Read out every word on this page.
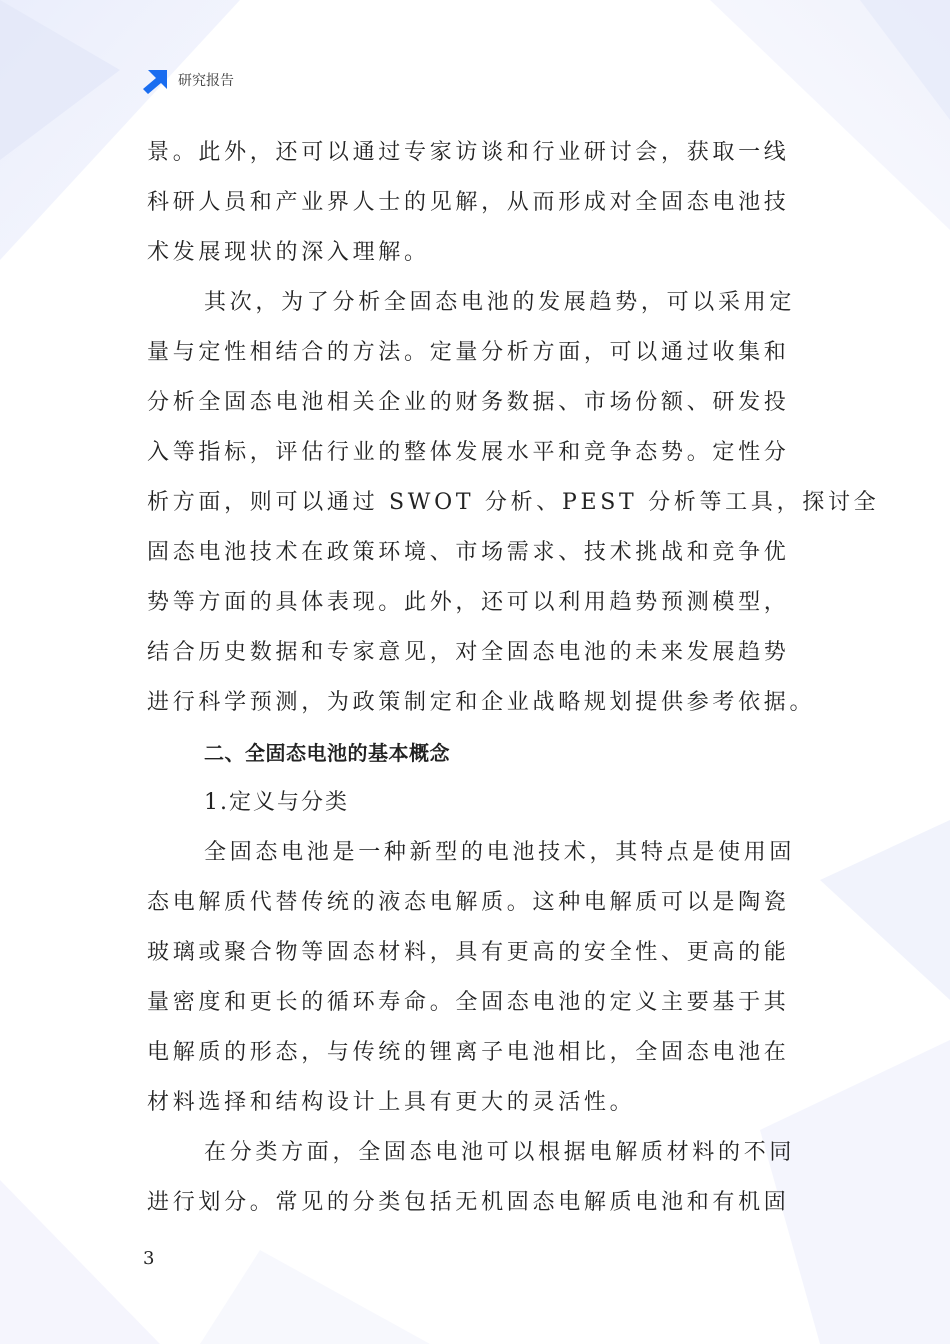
研究报告
景。此外，还可以通过专家访谈和行业研讨会，获取一线
科研人员和产业界人士的见解，从而形成对全固态电池技
术发展现状的深入理解。
其次，为了分析全固态电池的发展趋势，可以采用定
量与定性相结合的方法。定量分析方面，可以通过收集和
分析全固态电池相关企业的财务数据、市场份额、研发投
入等指标，评估行业的整体发展水平和竞争态势。定性分
析方面，则可以通过 SWOT 分析、PEST 分析等工具，探讨全
固态电池技术在政策环境、市场需求、技术挑战和竞争优
势等方面的具体表现。此外，还可以利用趋势预测模型，
结合历史数据和专家意见，对全固态电池的未来发展趋势
进行科学预测，为政策制定和企业战略规划提供参考依据。
二、全固态电池的基本概念
1.定义与分类
全固态电池是一种新型的电池技术，其特点是使用固
态电解质代替传统的液态电解质。这种电解质可以是陶瓷
玻璃或聚合物等固态材料，具有更高的安全性、更高的能
量密度和更长的循环寿命。全固态电池的定义主要基于其
电解质的形态，与传统的锂离子电池相比，全固态电池在
材料选择和结构设计上具有更大的灵活性。
在分类方面，全固态电池可以根据电解质材料的不同
进行划分。常见的分类包括无机固态电解质电池和有机固
3
